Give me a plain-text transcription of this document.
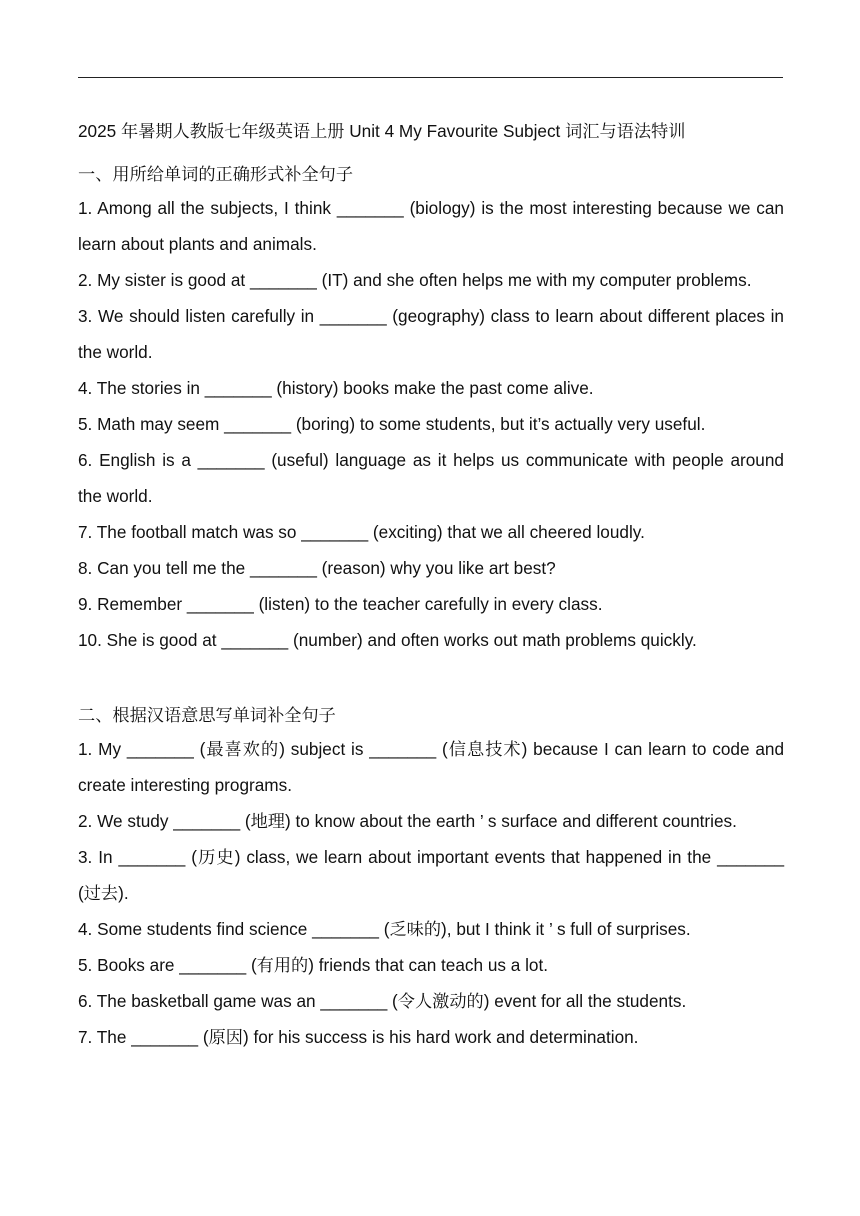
2025 年暑期人教版七年级英语上册 Unit 4 My Favourite Subject 词汇与语法特训
一、用所给单词的正确形式补全句子

1. Among all the subjects, I think _______ (biology) is the most interesting because we can learn about plants and animals.

2. My sister is good at _______ (IT) and she often helps me with my computer problems.

3. We should listen carefully in _______ (geography) class to learn about different places in the world.

4. The stories in _______ (history) books make the past come alive.

5. Math may seem _______ (boring) to some students, but it’s actually very useful.

6. English is a _______ (useful) language as it helps us communicate with people around the world.

7. The football match was so _______ (exciting) that we all cheered loudly.

8. Can you tell me the _______ (reason) why you like art best?

9. Remember _______ (listen) to the teacher carefully in every class.

10. She is good at _______ (number) and often works out math problems quickly.

二、根据汉语意思写单词补全句子

1. My _______ (最喜欢的) subject is _______ (信息技术) because I can learn to code and create interesting programs.

2. We study _______ (地理) to know about the earth ’ s surface and different countries.

3. In _______ (历史) class, we learn about important events that happened in the _______ (过去).

4. Some students find science _______ (乏味的), but I think it ’ s full of surprises.

5. Books are _______ (有用的) friends that can teach us a lot.

6. The basketball game was an _______ (令人激动的) event for all the students.

7. The _______ (原因) for his success is his hard work and determination.
